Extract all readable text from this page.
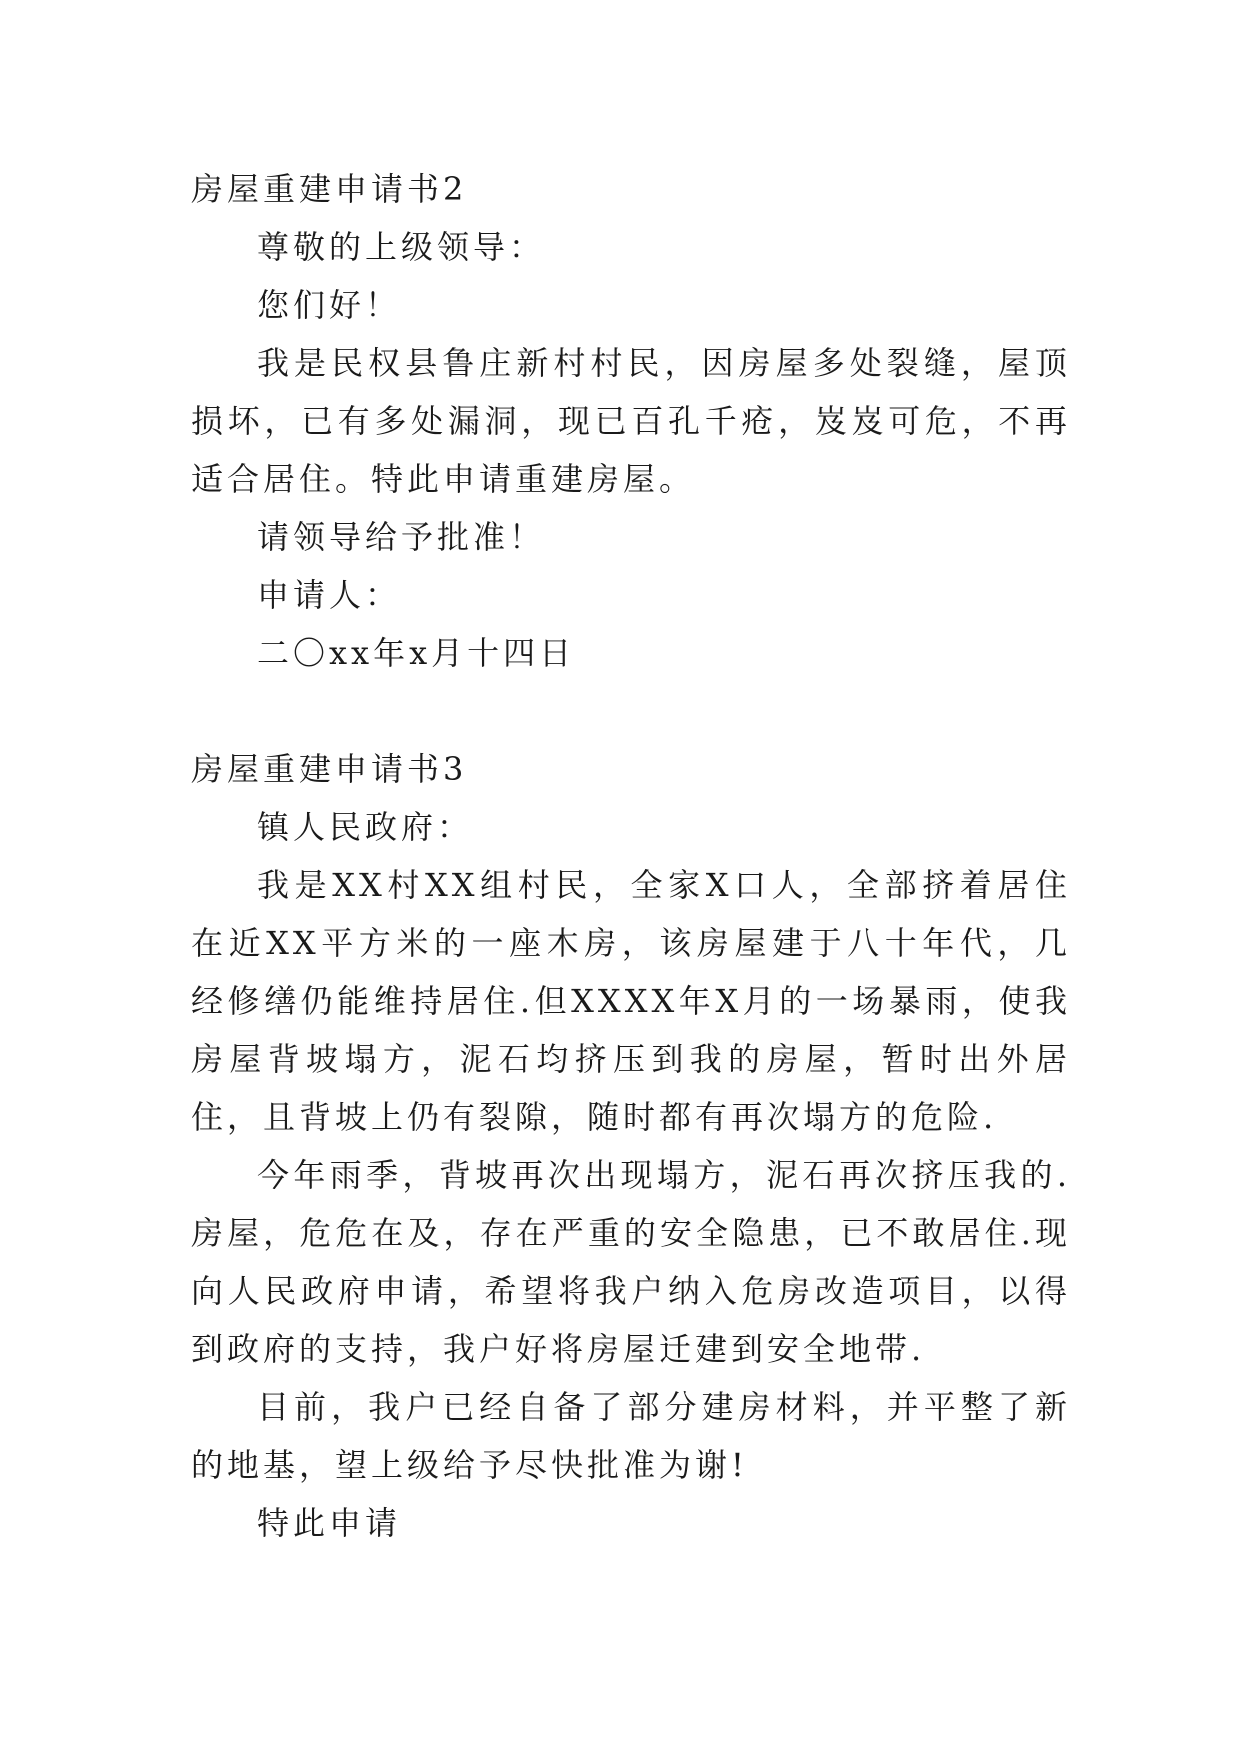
房屋重建申请书2
尊敬的上级领导：
您们好！

我是民权县鲁庄新村村民，因房屋多处裂缝，屋顶损坏，已有多处漏洞，现已百孔千疮，岌岌可危，不再适合居住。特此申请重建房屋。

请领导给予批准！
申请人：
二〇xx年x月十四日
房屋重建申请书3
镇人民政府：

我是XX村XX组村民，全家X口人，全部挤着居住在近XX平方米的一座木房，该房屋建于八十年代，几经修缮仍能维持居住.但XXXX年X月的一场暴雨，使我房屋背坡塌方，泥石均挤压到我的房屋，暂时出外居住，且背坡上仍有裂隙，随时都有再次塌方的危险.

今年雨季，背坡再次出现塌方，泥石再次挤压我的.房屋，危危在及，存在严重的安全隐患，已不敢居住.现向人民政府申请，希望将我户纳入危房改造项目，以得到政府的支持，我户好将房屋迁建到安全地带.

目前，我户已经自备了部分建房材料，并平整了新的地基，望上级给予尽快批准为谢!

特此申请
